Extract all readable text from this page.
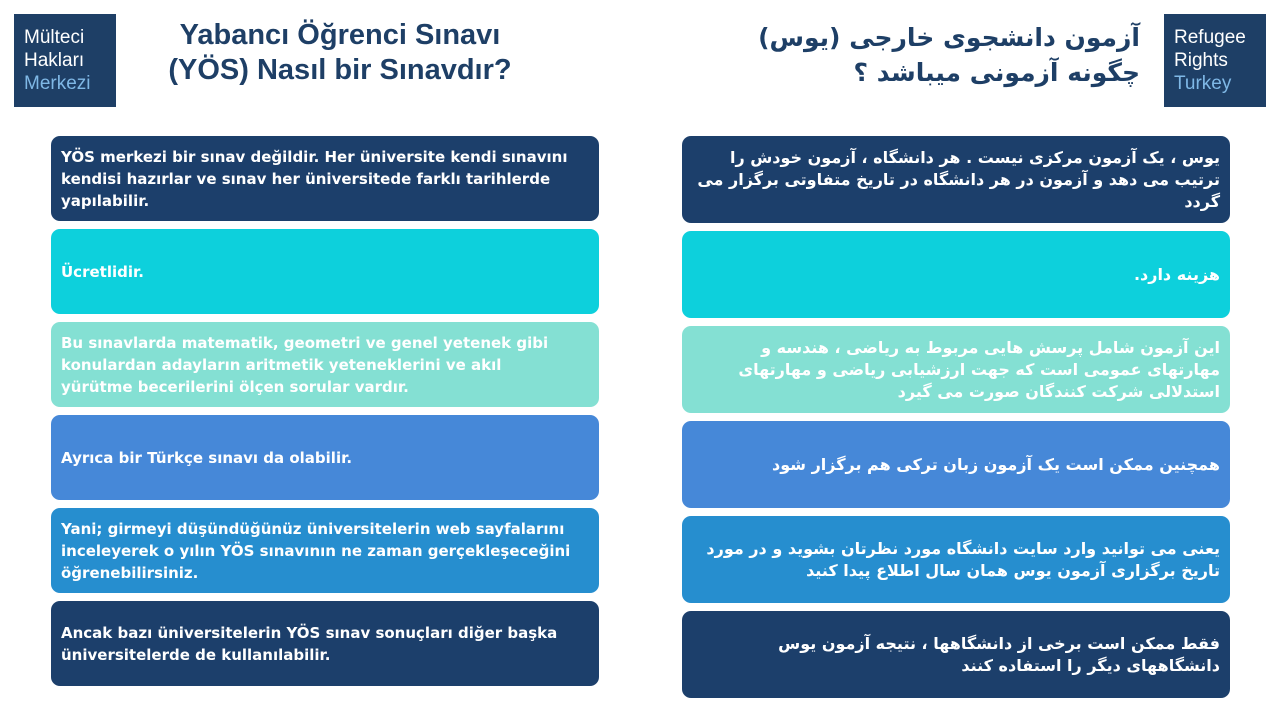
Mülteci
Hakları
Merkezi
Yabancı Öğrenci Sınavı
(YÖS) Nasıl bir Sınavdır?
آزمون دانشجوی خارجی (یوس)
چگونه آزمونی میباشد ؟
Refugee
Rights
Turkey
YÖS merkezi bir sınav değildir. Her üniversite kendi sınavını kendisi hazırlar ve sınav her üniversitede farklı tarihlerde yapılabilir.
Ücretlidir.
Bu sınavlarda matematik, geometri ve genel yetenek gibi konulardan adayların aritmetik yeteneklerini ve akıl yürütme becerilerini ölçen sorular vardır.
Ayrıca bir Türkçe sınavı da olabilir.
Yani; girmeyi düşündüğünüz üniversitelerin web sayfalarını inceleyerek o yılın YÖS sınavının ne zaman gerçekleşeceğini öğrenebilirsiniz.
Ancak bazı üniversitelerin YÖS sınav sonuçları diğer başka üniversitelerde de kullanılabilir.
یوس ، یک آزمون مرکزی نیست . هر دانشگاه ، آزمون خودش را ترتیب می دهد و آزمون در هر دانشگاه در تاریخ متفاوتی برگزار می گردد
هزینه دارد.
این آزمون شامل پرسش هایی مربوط به ریاضی ، هندسه و مهارتهای عمومی است که جهت ارزشیابی ریاضی و مهارتهای استدلالی شرکت کنندگان صورت می گیرد
همچنین ممکن است یک آزمون زبان ترکی هم برگزار شود
یعنی می توانید وارد سایت دانشگاه مورد نظرتان بشوید و در مورد تاریخ برگزاری آزمون یوس همان سال اطلاع پیدا کنید
فقط ممکن است برخی از دانشگاهها ، نتیجه آزمون یوس دانشگاههای دیگر را استفاده کنند
